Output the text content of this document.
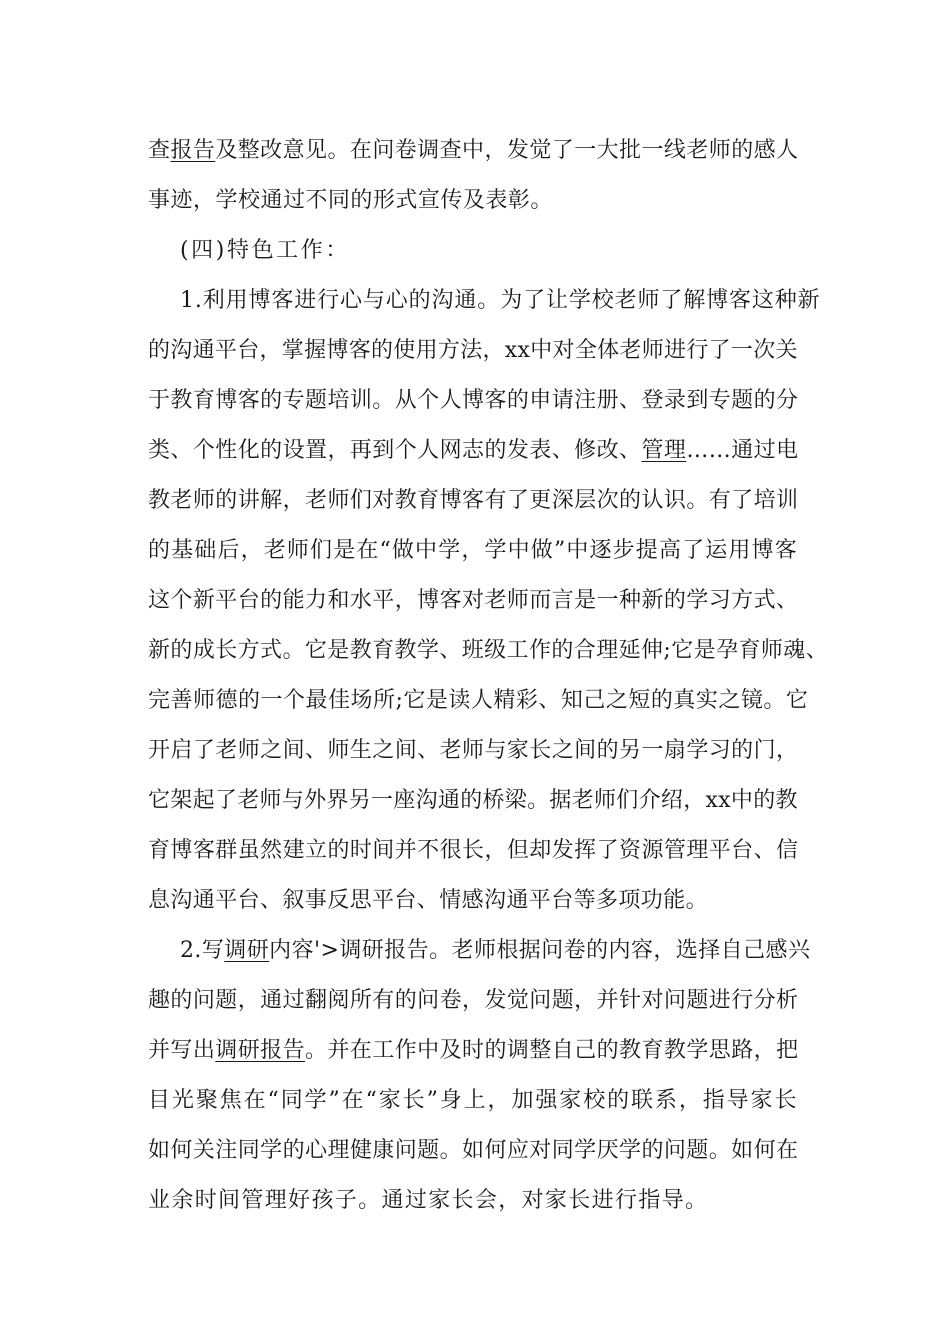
查报告及整改意见。在问卷调查中，发觉了一大批一线老师的感人
事迹，学校通过不同的形式宣传及表彰。
(四)特色工作：
1.利用博客进行心与心的沟通。为了让学校老师了解博客这种新
的沟通平台，掌握博客的使用方法，xx中对全体老师进行了一次关
于教育博客的专题培训。从个人博客的申请注册、登录到专题的分
类、个性化的设置，再到个人网志的发表、修改、管理……通过电
教老师的讲解，老师们对教育博客有了更深层次的认识。有了培训
的基础后，老师们是在“做中学，学中做”中逐步提高了运用博客
这个新平台的能力和水平，博客对老师而言是一种新的学习方式、
新的成长方式。它是教育教学、班级工作的合理延伸;它是孕育师魂、
完善师德的一个最佳场所;它是读人精彩、知己之短的真实之镜。它
开启了老师之间、师生之间、老师与家长之间的另一扇学习的门，
它架起了老师与外界另一座沟通的桥梁。据老师们介绍，xx中的教
育博客群虽然建立的时间并不很长，但却发挥了资源管理平台、信
息沟通平台、叙事反思平台、情感沟通平台等多项功能。
2.写调研内容'>调研报告。老师根据问卷的内容，选择自己感兴
趣的问题，通过翻阅所有的问卷，发觉问题，并针对问题进行分析
并写出调研报告。并在工作中及时的调整自己的教育教学思路，把
目光聚焦在“同学”在“家长”身上，加强家校的联系，指导家长
如何关注同学的心理健康问题。如何应对同学厌学的问题。如何在
业余时间管理好孩子。通过家长会，对家长进行指导。
